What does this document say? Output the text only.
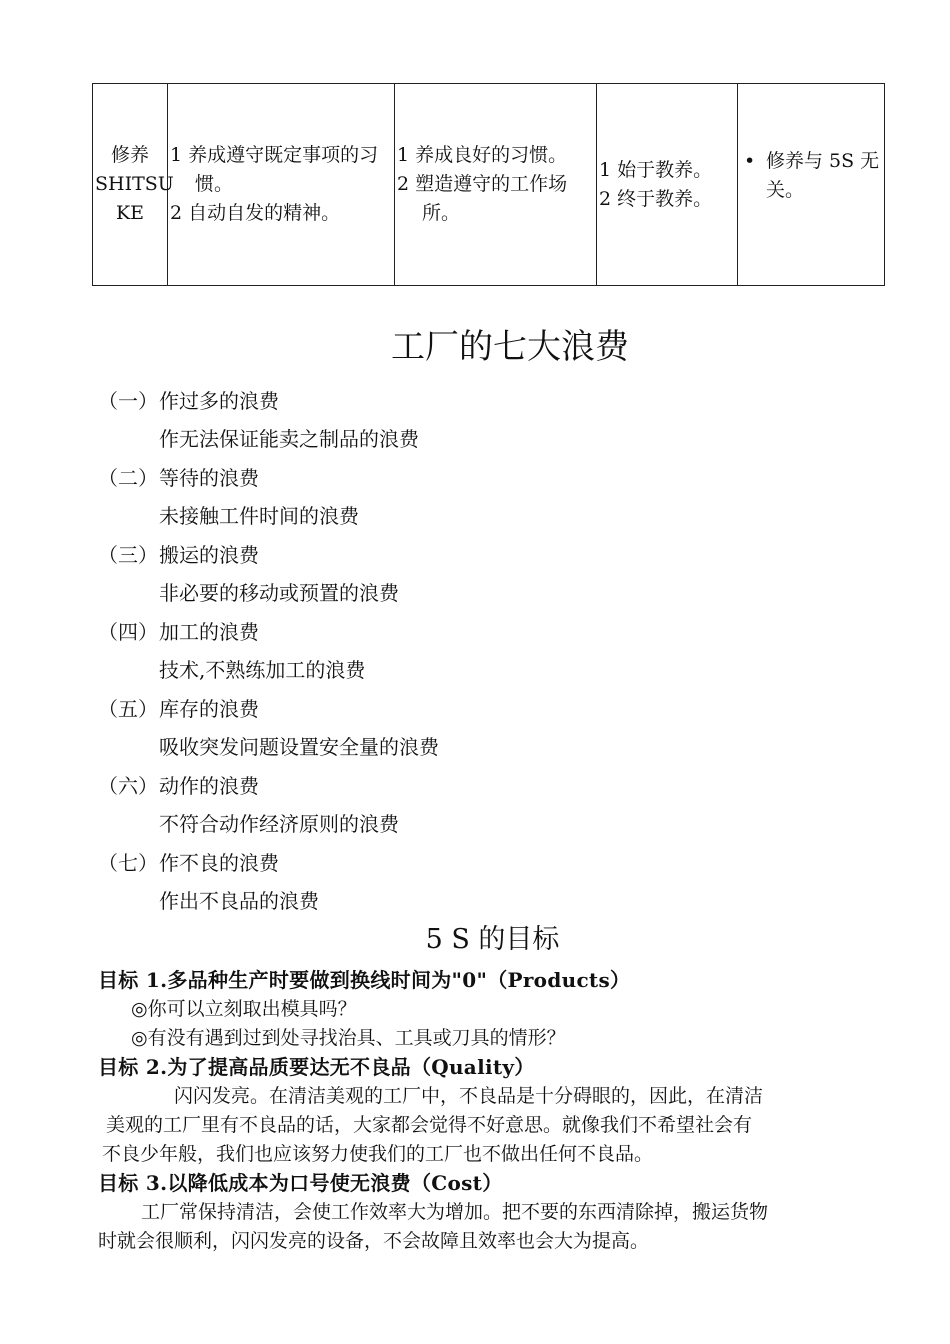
修养
SHITSU
KE

1 养成遵守既定事项的习惯。
2 自动自发的精神。

1 养成良好的习惯。
2 塑造遵守的工作场所。

1 始于教养。
2 终于教养。

• 修养与 5S 无关。
工厂的七大浪费
（一） 作过多的浪费
作无法保证能卖之制品的浪费
（二） 等待的浪费
未接触工件时间的浪费
（三） 搬运的浪费
非必要的移动或预置的浪费
（四） 加工的浪费
技术,不熟练加工的浪费
（五） 库存的浪费
吸收突发问题设置安全量的浪费
（六） 动作的浪费
不符合动作经济原则的浪费
（七） 作不良的浪费
作出不良品的浪费
5 S 的目标
目标 1.多品种生产时要做到换线时间为"0"（Products）
◎你可以立刻取出模具吗？
◎有没有遇到过到处寻找治具、工具或刀具的情形？
目标 2.为了提高品质要达无不良品（Quality）
闪闪发亮。在清洁美观的工厂中，不良品是十分碍眼的，因此，在清洁
美观的工厂里有不良品的话，大家都会觉得不好意思。就像我们不希望社会有
不良少年般，我们也应该努力使我们的工厂也不做出任何不良品。
目标 3.以降低成本为口号使无浪费（Cost）
工厂常保持清洁，会使工作效率大为增加。把不要的东西清除掉，搬运货物
时就会很顺利，闪闪发亮的设备，不会故障且效率也会大为提高。
